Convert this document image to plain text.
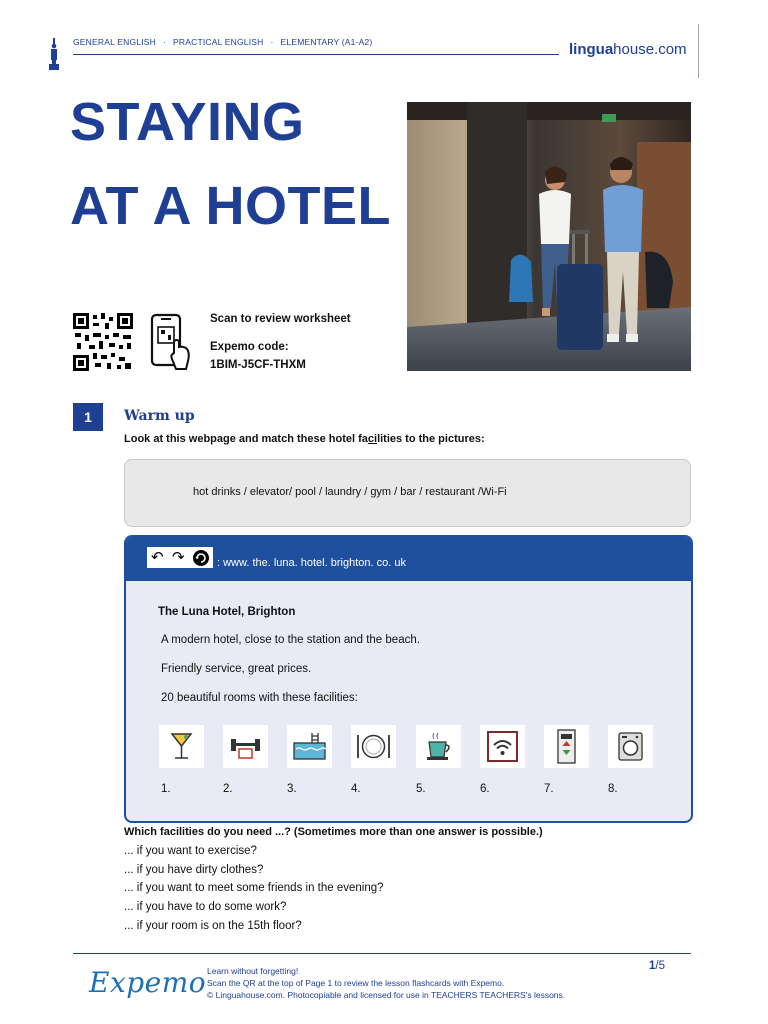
GENERAL ENGLISH · PRACTICAL ENGLISH · ELEMENTARY (A1-A2)	linguahouse.com
STAYING
AT A HOTEL
Scan to review worksheet
Expemo code:
1BIM-J5CF-THXM
1	Warm up
Look at this webpage and match these hotel facilities to the pictures:
hot drinks / elevator/ pool / laundry / gym / bar / restaurant /Wi-Fi
↶ ↷	: www. the. luna. hotel. brighton. co. uk
The Luna Hotel, Brighton
A modern hotel, close to the station and the beach.
Friendly service, great prices.
20 beautiful rooms with these facilities:
1.	2.	3.	4.	5.	6.	7.	8.
Which facilities do you need ...? (Sometimes more than one answer is possible.)
... if you want to exercise?
... if you have dirty clothes?
... if you want to meet some friends in the evening?
... if you have to do some work?
... if your room is on the 15th floor?
Expemo Learn without forgetting!
Scan the QR at the top of Page 1 to review the lesson flashcards with Expemo.
© Linguahouse.com. Photocopiable and licensed for use in TEACHERS TEACHERS's lessons.
1/5
